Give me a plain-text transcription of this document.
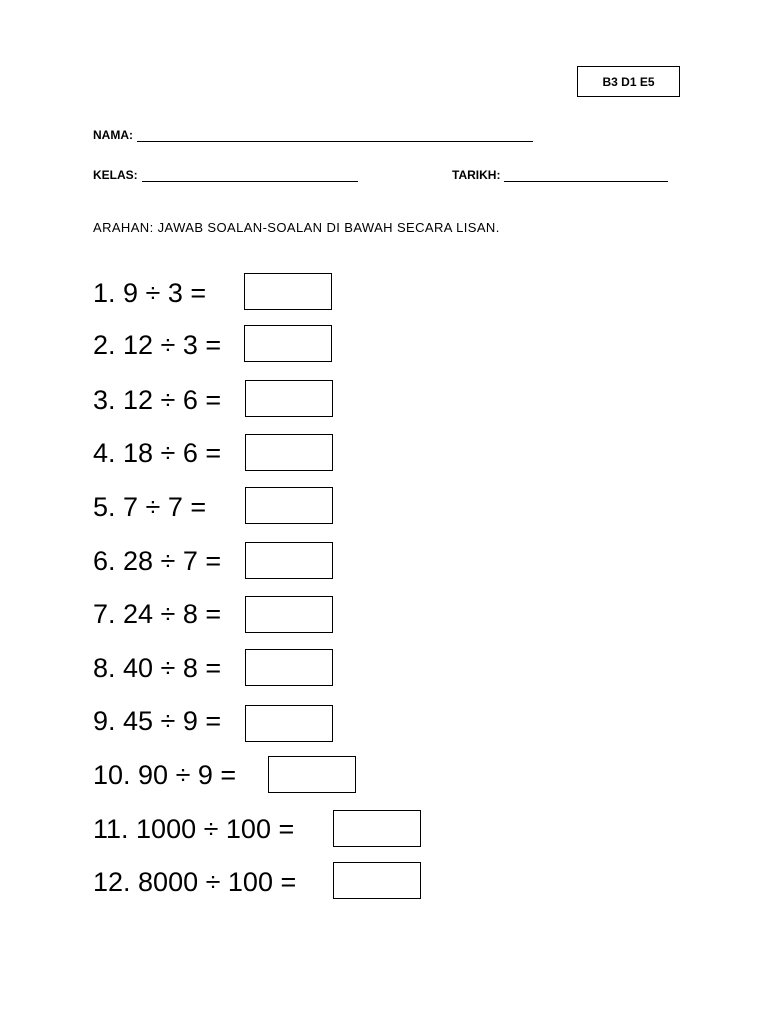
B3 D1 E5
NAMA:
KELAS:	TARIKH:
ARAHAN: JAWAB SOALAN-SOALAN DI BAWAH SECARA LISAN.
1. 9 ÷ 3 =
2. 12 ÷ 3 =
3. 12 ÷ 6 =
4. 18 ÷ 6 =
5. 7 ÷ 7 =
6. 28 ÷ 7 =
7. 24 ÷ 8 =
8. 40 ÷ 8 =
9. 45 ÷ 9 =
10. 90 ÷ 9 =
11. 1000 ÷ 100 =
12. 8000 ÷ 100 =
